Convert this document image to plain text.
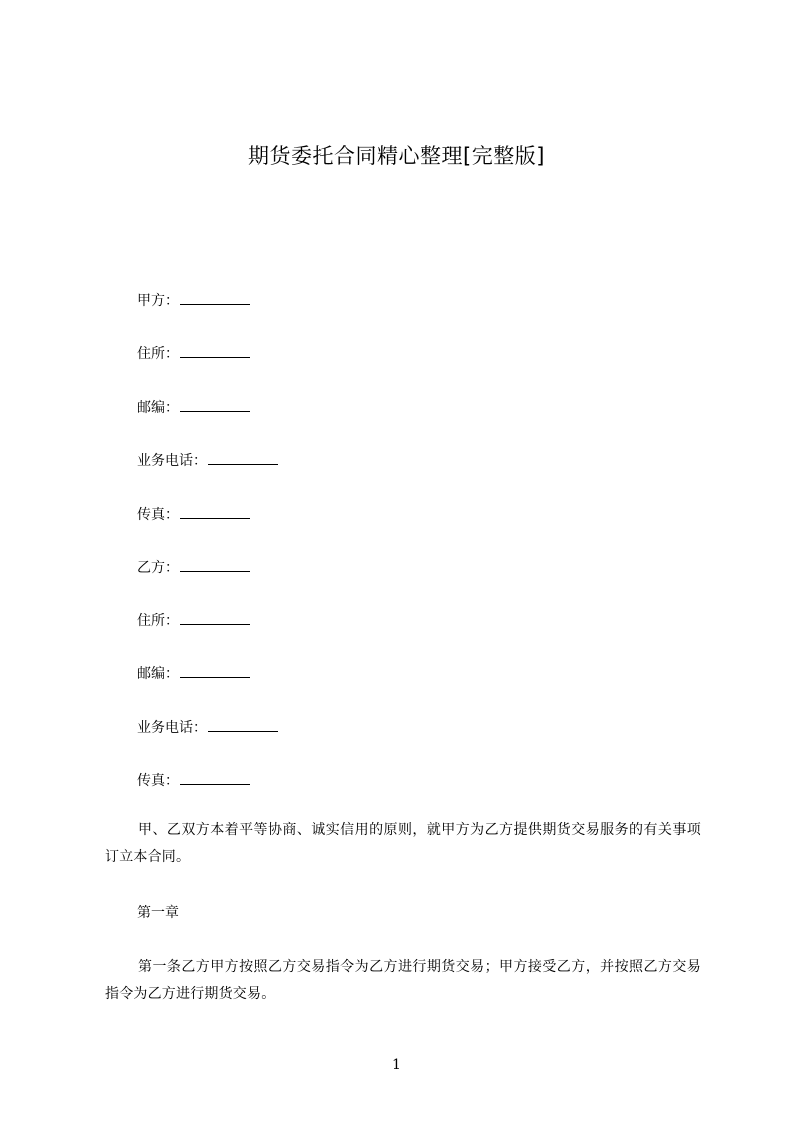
期货委托合同精心整理[完整版]
甲方：
住所：
邮编：
业务电话：
传真：
乙方：
住所：
邮编：
业务电话：
传真：

甲、乙双方本着平等协商、诚实信用的原则，就甲方为乙方提供期货交易服务的有关事项订立本合同。

第一章

第一条乙方甲方按照乙方交易指令为乙方进行期货交易；甲方接受乙方，并按照乙方交易指令为乙方进行期货交易。

1
